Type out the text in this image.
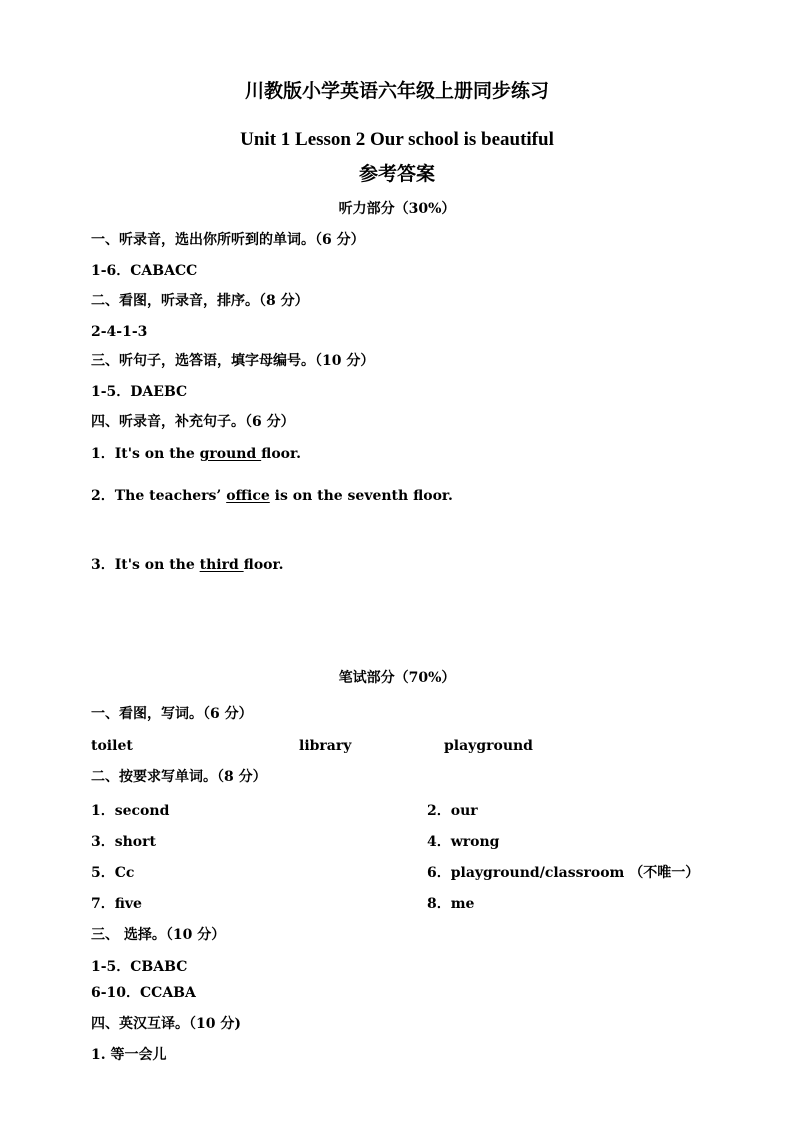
川教版小学英语六年级上册同步练习
Unit 1 Lesson 2 Our school is beautiful
参考答案
听力部分（30%）
一、听录音，选出你所听到的单词。（6 分）
1-6．CABACC
二、看图，听录音，排序。（8 分）
2-4-1-3
三、听句子，选答语，填字母编号。（10 分）
1-5．DAEBC
四、听录音，补充句子。（6 分）
1．It's on the ground floor.
2．The teachers’ office is on the seventh floor.
3．It's on the third floor.
笔试部分（70%）
一、看图，写词。（6 分）
toilet	library	playground
二、按要求写单词。（8 分）
1．second	2．our
3．short	4．wrong
5．Cc	6．playground/classroom （不唯一）
7．five	8．me
三、 选择。（10 分）
1-5．CBABC
6-10．CCABA
四、英汉互译。（10 分)
1. 等一会儿
